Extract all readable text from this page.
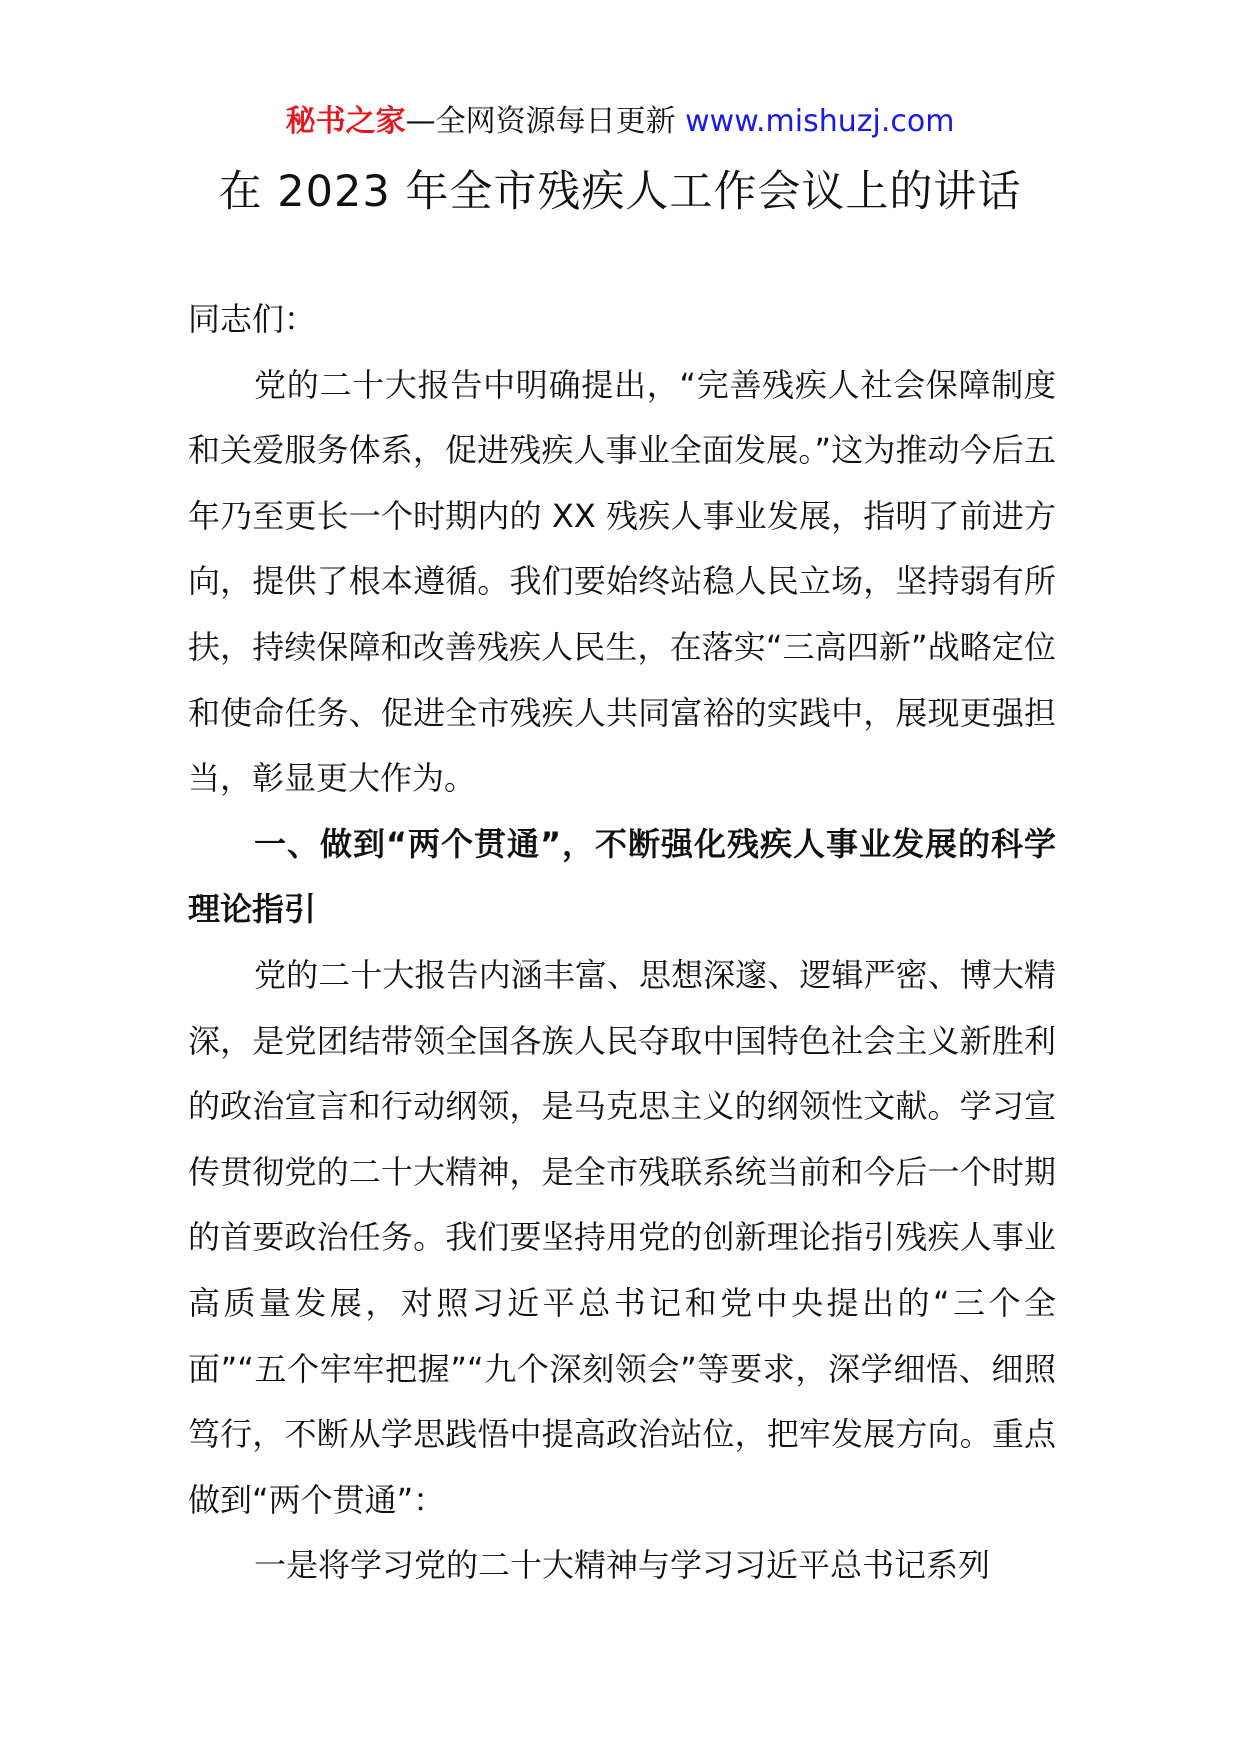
秘书之家—全网资源每日更新 www.mishuzj.com
在 2023 年全市残疾人工作会议上的讲话

同志们：

党的二十大报告中明确提出，“完善残疾人社会保障制度和关爱服务体系，促进残疾人事业全面发展。”这为推动今后五年乃至更长一个时期内的 XX 残疾人事业发展，指明了前进方向，提供了根本遵循。我们要始终站稳人民立场，坚持弱有所扶，持续保障和改善残疾人民生，在落实“三高四新”战略定位和使命任务、促进全市残疾人共同富裕的实践中，展现更强担当，彰显更大作为。

一、做到“两个贯通”，不断强化残疾人事业发展的科学理论指引

党的二十大报告内涵丰富、思想深邃、逻辑严密、博大精深，是党团结带领全国各族人民夺取中国特色社会主义新胜利的政治宣言和行动纲领，是马克思主义的纲领性文献。学习宣传贯彻党的二十大精神，是全市残联系统当前和今后一个时期的首要政治任务。我们要坚持用党的创新理论指引残疾人事业高质量发展，对照习近平总书记和党中央提出的“三个全面”“五个牢牢把握”“九个深刻领会”等要求，深学细悟、细照笃行，不断从学思践悟中提高政治站位，把牢发展方向。重点做到“两个贯通”：

一是将学习党的二十大精神与学习习近平总书记系列
